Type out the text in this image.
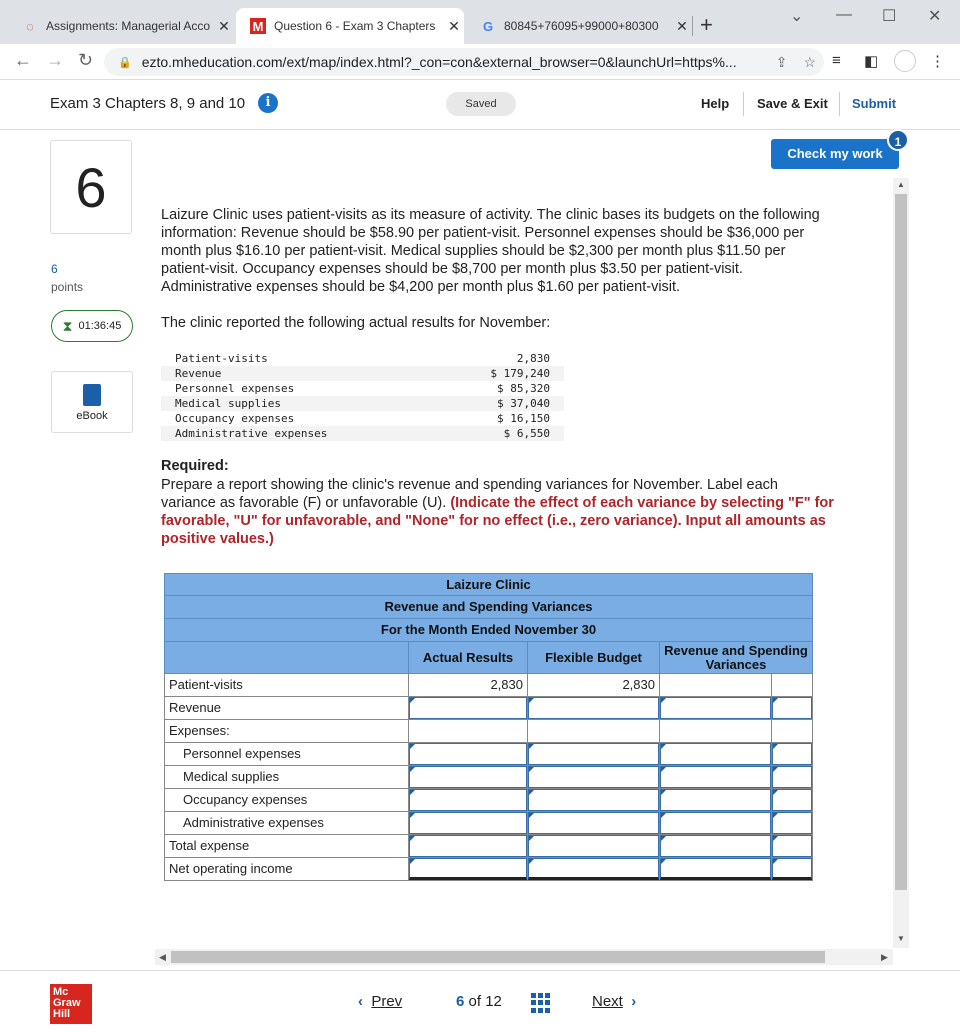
◌	Assignments: Managerial Acco ✕	M Question 6 - Exam 3 Chapters ✕	G 80845+76095+99000+80300	✕ +	⌄ — ☐ ✕
← → ↻ 🔒 ezto.mheducation.com/ext/map/index.html?_con=con&external_browser=0&launchUrl=https%...	⇪ ☆ ≡ ◧	⋮
Exam 3 Chapters 8, 9 and 10	i	Saved	Help Save & Exit Submit
6
6
points
⧗ 01:36:45
eBook
Check my work
1
Laizure Clinic uses patient-visits as its measure of activity. The clinic bases its budgets on the following
information: Revenue should be $58.90 per patient-visit. Personnel expenses should be $36,000 per
month plus $16.10 per patient-visit. Medical supplies should be $2,300 per month plus $11.50 per
patient-visit. Occupancy expenses should be $8,700 per month plus $3.50 per patient-visit.
Administrative expenses should be $4,200 per month plus $1.60 per patient-visit.
The clinic reported the following actual results for November:
Patient-visits	2,830
Revenue	$ 179,240
Personnel expenses	$ 85,320
Medical supplies	$ 37,040
Occupancy expenses	$ 16,150
Administrative expenses	$ 6,550
Required:
Prepare a report showing the clinic's revenue and spending variances for November. Label each
variance as favorable (F) or unfavorable (U). (Indicate the effect of each variance by selecting "F" for
favorable, "U" for unfavorable, and "None" for no effect (i.e., zero variance). Input all amounts as
positive values.)
Laizure Clinic
Revenue and Spending Variances
For the Month Ended November 30
Actual Results	Flexible Budget	Revenue and Spending Variances
Patient-visits	2,830	2,830
Revenue
Expenses:
Personnel expenses
Medical supplies
Occupancy expenses
Administrative expenses
Total expense
Net operating income
▲
▼
◀	▶
Mc
Graw
Hill
‹ Prev	6 of 12	Next ›
